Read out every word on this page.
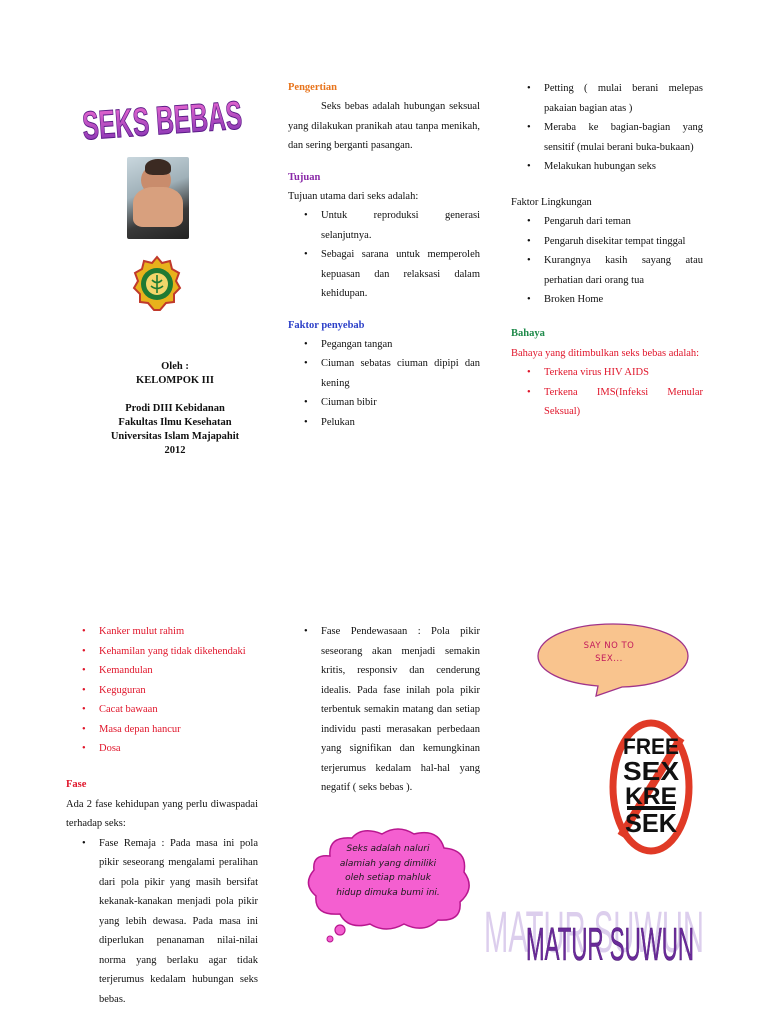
SEKS BEBAS
Oleh :
KELOMPOK III
Prodi DIII Kebidanan
Fakultas Ilmu Kesehatan
Universitas Islam Majapahit
2012

Pengertian

Seks bebas adalah hubungan seksual yang dilakukan pranikah atau tanpa menikah, dan sering berganti pasangan.

Tujuan

Tujuan utama dari seks adalah:

• Untuk reproduksi generasi selanjutnya.
• Sebagai sarana untuk memperoleh kepuasan dan relaksasi dalam kehidupan.

Faktor penyebab

• Pegangan tangan
• Ciuman sebatas ciuman dipipi dan kening
• Ciuman bibir
• Pelukan
• Petting ( mulai berani melepas pakaian bagian atas )
• Meraba ke bagian-bagian yang sensitif (mulai berani buka-bukaan)
• Melakukan hubungan seks

Faktor Lingkungan

• Pengaruh dari teman
• Pengaruh disekitar tempat tinggal
• Kurangnya kasih sayang atau perhatian dari orang tua
• Broken Home

Bahaya

Bahaya yang ditimbulkan seks bebas adalah:

• Terkena virus HIV AIDS
• Terkena IMS(Infeksi Menular Seksual)
• Kanker mulut rahim
• Kehamilan yang tidak dikehendaki
• Kemandulan
• Keguguran
• Cacat bawaan
• Masa depan hancur
• Dosa

Fase

Ada 2 fase kehidupan yang perlu diwaspadai terhadap seks:

• Fase Remaja : Pada masa ini pola pikir seseorang mengalami peralihan dari pola pikir yang masih bersifat kekanak-kanakan menjadi pola pikir yang lebih dewasa. Pada masa ini diperlukan penanaman nilai-nilai norma yang berlaku agar tidak terjerumus kedalam hubungan seks bebas.
• Fase Pendewasaan : Pola pikir seseorang akan menjadi semakin kritis, responsiv dan cenderung idealis. Pada fase inilah pola pikir terbentuk semakin matang dan setiap individu pasti merasakan perbedaan yang signifikan dan kemungkinan terjerumus kedalam hal-hal yang negatif ( seks bebas ).
Seks adalah naluri alamiah yang dimiliki oleh setiap mahluk hidup dimuka bumi ini.
SAY NO TO SEX...
FREE
SEX
KRE
SEK
MATUR SUWUN
MATUR SUWUN
